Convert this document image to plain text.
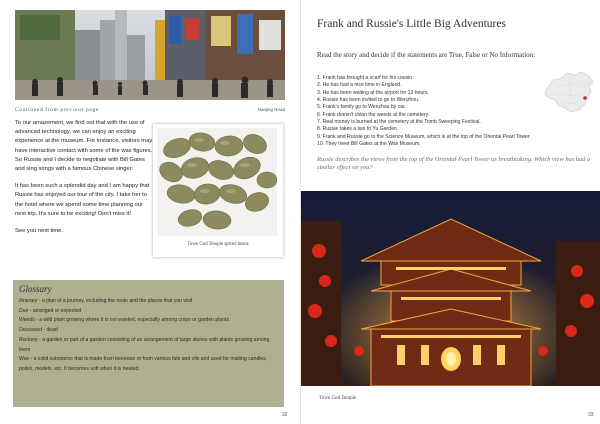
Continued from previous page	Nanjing Road

To our amazement, we find out that with the use of advanced technology, we can enjoy an exciting experience at the museum. For instance, visitors may have interactive contact with some of the wax figures. So Russie and I decide to negotiate with Bill Gates and sing songs with a famous Chinese singer.

It has been such a splendid day and I am happy that Russie has enjoyed our tour of the city. I take her to the hotel where we spend some time planning our next trip. It's sure to be exciting! Don't miss it!

See you next time.

Town God Temple spiced beans
Glossary
Itinerary - a plan of a journey, including the route and the places that you visit
Due - arranged or expected
Weeds - a wild plant growing where it is not wanted, especially among crops or garden plants
Deceased - dead
Rockery - a garden or part of a garden consisting of an arrangement of large stones with plants growing among them
Wax - a solid substance that is made from beeswax or from various fats and oils and used for making candles, polish, models, etc. It becomes soft when it is heated.
32
Frank and Russie's Little Big Adventures
Read the story and decide if the statements are True, False or No Information:
1. Frank has brought a scarf for his cousin.
2. He has had a nice time in England.
3. He has been waiting at the airport for 12 hours.
4. Russie has been invited to go to Wenzhou.
5. Frank's family go to Wenzhou by car.
6. Frank doesn't clean the weeds at the cemetery.
7. Real money is burned at the cemetery at the Tomb Sweeping Festival.
8. Russie takes a taxi to Yu Garden.
9. Frank and Russie go to the Science Museum, which is at the top of the Oriental Pearl Tower.
10. They meet Bill Gates at the Wax Museum.
Russie describes the views from the top of the Oriental Pearl Tower as breathtaking. Which view has had a similar effect on you?
Town God Temple
33
